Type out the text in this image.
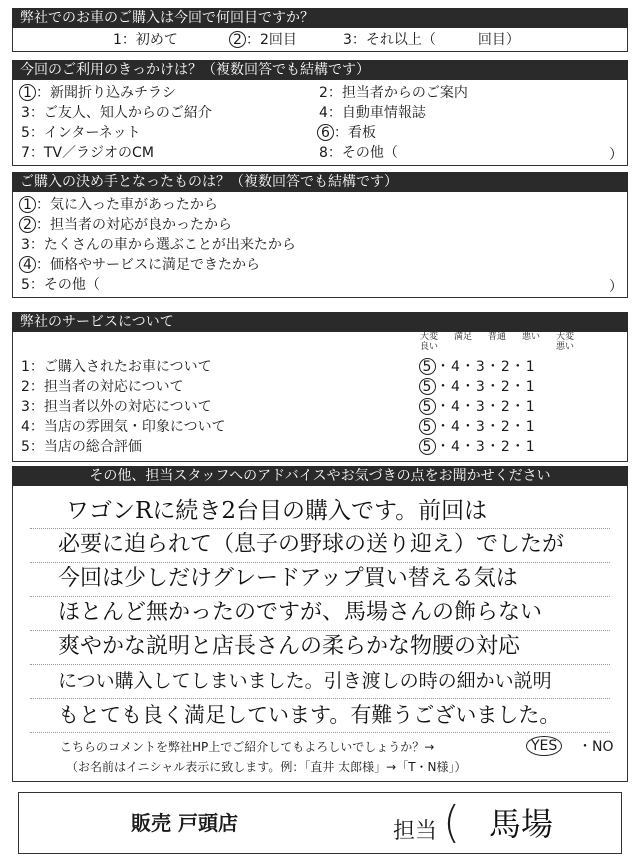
弊社でのお車のご購入は今回で何回目ですか？
1：初めて	2 ：2回目	3：それ以上（　　　回目）
今回のご利用のきっかけは？（複数回答でも結構です）
1 ：新聞折り込みチラシ	2：担当者からのご案内
3：ご友人、知人からのご紹介	4：自動車情報誌
5：インターネット	6 ：看板
7：TV／ラジオのCM	8：その他（	）
ご購入の決め手となったものは？（複数回答でも結構です）
1 ：気に入った車があったから
2 ：担当者の対応が良かったから
3：たくさんの車から選ぶことが出来たから
4 ：価格やサービスに満足できたから
5：その他（	）
弊社のサービスについて
大変良い
満足	普通	悪い	大変悪い
1：ご購入されたお車について	5 ・4・3・2・1
2：担当者の対応について	5 ・4・3・2・1
3：担当者以外の対応について	5 ・4・3・2・1
4：当店の雰囲気・印象について	5 ・4・3・2・1
5：当店の総合評価	5 ・4・3・2・1
その他、担当スタッフへのアドバイスやお気づきの点をお聞かせください
ワゴンRに続き2台目の購入です。前回は
必要に迫られて（息子の野球の送り迎え）でしたが
今回は少しだけグレードアップ買い替える気は
ほとんど無かったのですが、馬場さんの飾らない
爽やかな説明と店長さんの柔らかな物腰の対応
につい購入してしまいました。引き渡しの時の細かい説明
もとても良く満足しています。有難うございました。
こちらのコメントを弊社HP上でご紹介してもよろしいでしょうか？→	YES	・NO
（お名前はイニシャル表示に致します。例：「直井 太郎様」→「T・N様」）
販売 戸頭店	担当 ( 馬場
